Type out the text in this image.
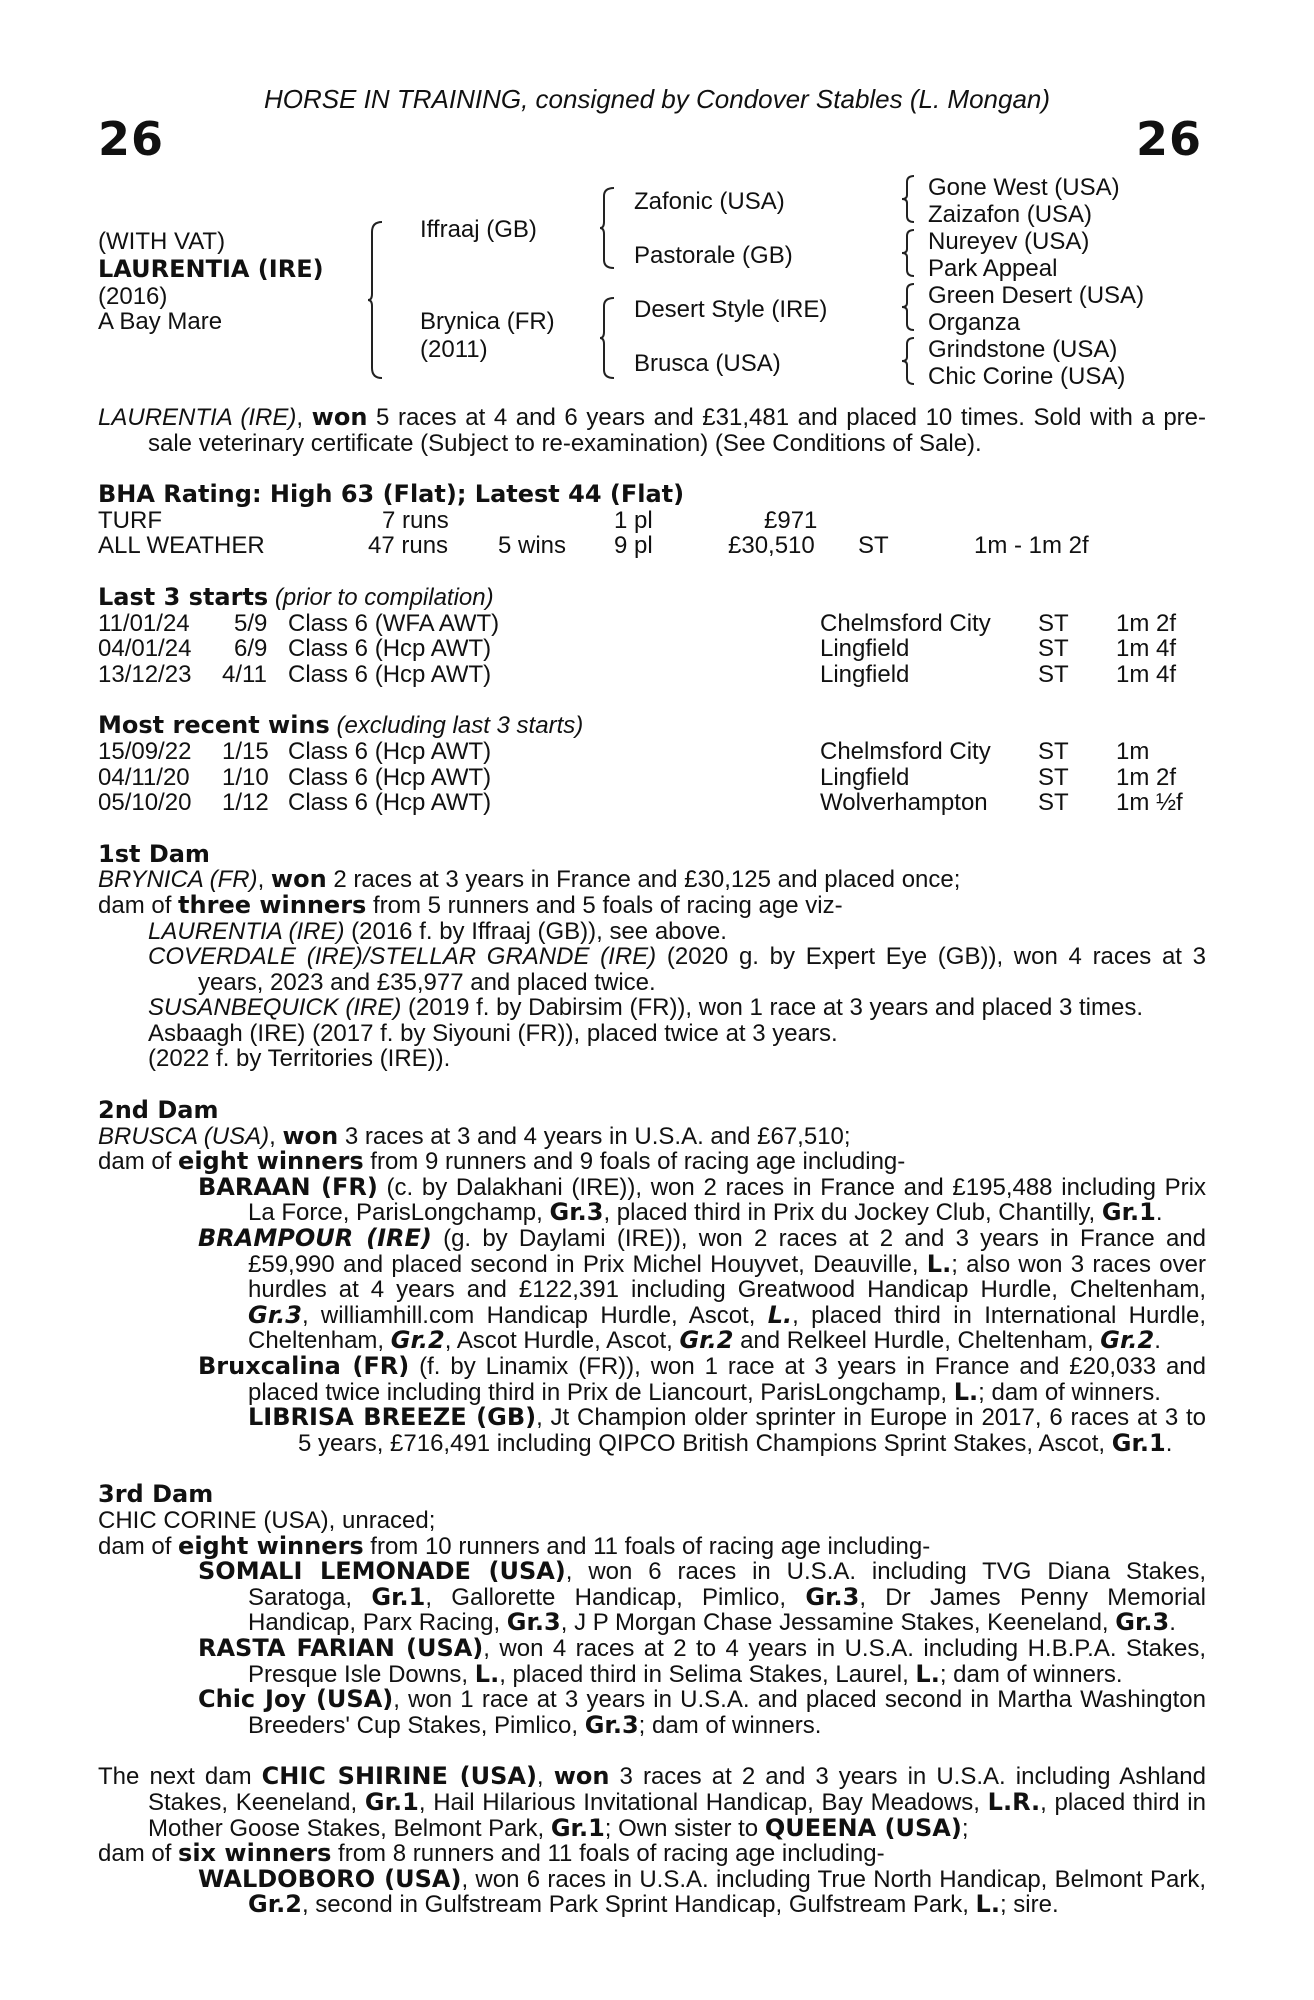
HORSE IN TRAINING, consigned by Condover Stables (L. Mongan)
26	26
(WITH VAT)
LAURENTIA (IRE)
(2016)
A Bay Mare
Iffraaj (GB)
Brynica (FR)
(2011)
Zafonic (USA)
Pastorale (GB)
Desert Style (IRE)
Brusca (USA)
Gone West (USA)
Zaizafon (USA)
Nureyev (USA)
Park Appeal
Green Desert (USA)
Organza
Grindstone (USA)
Chic Corine (USA)

LAURENTIA (IRE), won 5 races at 4 and 6 years and £31,481 and placed 10 times. Sold with a pre-sale veterinary certificate (Subject to re-examination) (See Conditions of Sale).

BHA Rating: High 63 (Flat); Latest 44 (Flat)
TURF	7 runs	1 pl	£971
ALL WEATHER	47 runs 5 wins 9 pl	£30,510 ST	1m - 1m 2f
Last 3 starts (prior to compilation)
11/01/24 5/9 Class 6 (WFA AWT)	Chelmsford City ST 1m 2f
04/01/24 6/9 Class 6 (Hcp AWT)	Lingfield	ST 1m 4f
13/12/23 4/11 Class 6 (Hcp AWT)	Lingfield	ST 1m 4f
Most recent wins (excluding last 3 starts)
15/09/22 1/15 Class 6 (Hcp AWT)	Chelmsford City ST 1m
04/11/20 1/10 Class 6 (Hcp AWT)	Lingfield	ST 1m 2f
05/10/20 1/12 Class 6 (Hcp AWT)	Wolverhampton ST 1m ½f
1st Dam

BRYNICA (FR), won 2 races at 3 years in France and £30,125 and placed once;

dam of three winners from 5 runners and 5 foals of racing age viz-

LAURENTIA (IRE) (2016 f. by Iffraaj (GB)), see above.

COVERDALE (IRE)/STELLAR GRANDE (IRE) (2020 g. by Expert Eye (GB)), won 4 races at 3 years, 2023 and £35,977 and placed twice.

SUSANBEQUICK (IRE) (2019 f. by Dabirsim (FR)), won 1 race at 3 years and placed 3 times.

Asbaagh (IRE) (2017 f. by Siyouni (FR)), placed twice at 3 years.

(2022 f. by Territories (IRE)).

2nd Dam

BRUSCA (USA), won 3 races at 3 and 4 years in U.S.A. and £67,510;

dam of eight winners from 9 runners and 9 foals of racing age including-

BARAAN (FR) (c. by Dalakhani (IRE)), won 2 races in France and £195,488 including Prix La Force, ParisLongchamp, Gr.3, placed third in Prix du Jockey Club, Chantilly, Gr.1.

BRAMPOUR (IRE) (g. by Daylami (IRE)), won 2 races at 2 and 3 years in France and £59,990 and placed second in Prix Michel Houyvet, Deauville, L.; also won 3 races over hurdles at 4 years and £122,391 including Greatwood Handicap Hurdle, Cheltenham, Gr.3, williamhill.com Handicap Hurdle, Ascot, L., placed third in International Hurdle, Cheltenham, Gr.2, Ascot Hurdle, Ascot, Gr.2 and Relkeel Hurdle, Cheltenham, Gr.2.

Bruxcalina (FR) (f. by Linamix (FR)), won 1 race at 3 years in France and £20,033 and placed twice including third in Prix de Liancourt, ParisLongchamp, L.; dam of winners.

LIBRISA BREEZE (GB), Jt Champion older sprinter in Europe in 2017, 6 races at 3 to 5 years, £716,491 including QIPCO British Champions Sprint Stakes, Ascot, Gr.1.

3rd Dam

CHIC CORINE (USA), unraced;

dam of eight winners from 10 runners and 11 foals of racing age including-

SOMALI LEMONADE (USA), won 6 races in U.S.A. including TVG Diana Stakes, Saratoga, Gr.1, Gallorette Handicap, Pimlico, Gr.3, Dr James Penny Memorial Handicap, Parx Racing, Gr.3, J P Morgan Chase Jessamine Stakes, Keeneland, Gr.3.

RASTA FARIAN (USA), won 4 races at 2 to 4 years in U.S.A. including H.B.P.A. Stakes, Presque Isle Downs, L., placed third in Selima Stakes, Laurel, L.; dam of winners.

Chic Joy (USA), won 1 race at 3 years in U.S.A. and placed second in Martha Washington Breeders' Cup Stakes, Pimlico, Gr.3; dam of winners.

The next dam CHIC SHIRINE (USA), won 3 races at 2 and 3 years in U.S.A. including Ashland Stakes, Keeneland, Gr.1, Hail Hilarious Invitational Handicap, Bay Meadows, L.R., placed third in Mother Goose Stakes, Belmont Park, Gr.1; Own sister to QUEENA (USA);

dam of six winners from 8 runners and 11 foals of racing age including-

WALDOBORO (USA), won 6 races in U.S.A. including True North Handicap, Belmont Park, Gr.2, second in Gulfstream Park Sprint Handicap, Gulfstream Park, L.; sire.
